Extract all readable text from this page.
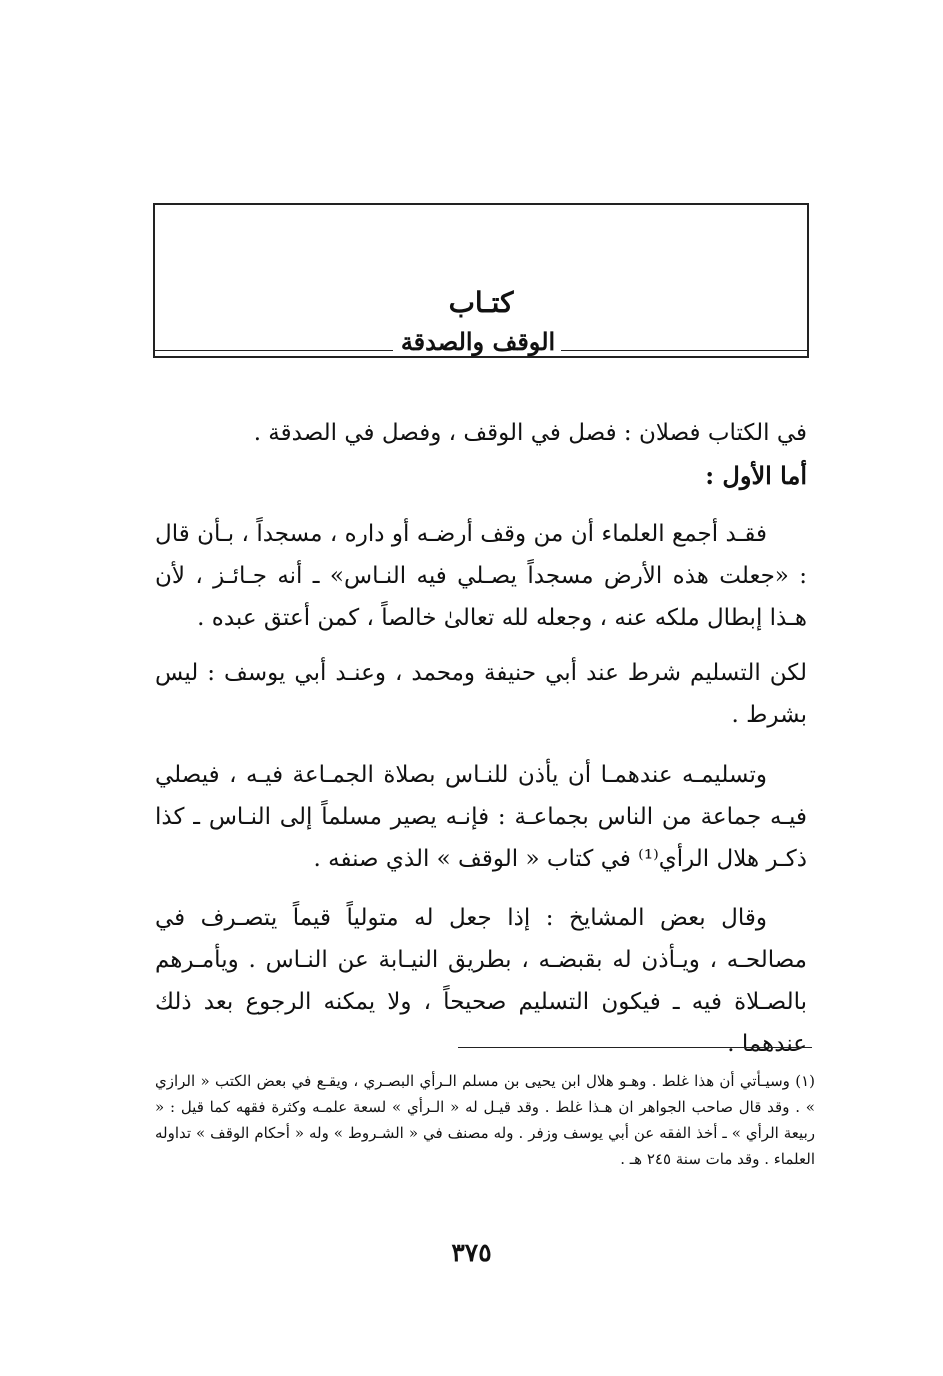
كتـاب
الوقف والصدقة

في الكتاب فصلان : فصل في الوقف ، وفصل في الصدقة .

أما الأول :

فقـد أجمع العلماء أن من وقف أرضـه أو داره ، مسجداً ، بـأن قال : «جعلت هذه الأرض مسجداً يصـلي فيه النـاس» ـ أنه جـائـز ، لأن هـذا إبطال ملكه عنه ، وجعله لله تعالىٰ خالصاً ، كمن أعتق عبده .

لكن التسليم شرط عند أبي حنيفة ومحمد ، وعنـد أبي يوسف : ليس بشرط .

وتسليمـه عندهمـا أن يأذن للنـاس بصلاة الجمـاعة فيـه ، فيصلي فيـه جماعة من الناس بجماعـة : فإنـه يصير مسلماً إلى النـاس ـ كذا ذكـر هلال الرأي⁽¹⁾ في كتاب « الوقف » الذي صنفه .

وقال بعض المشايخ : إذا جعل له متولياً قيماً يتصـرف في مصالحـه ، ويـأذن له بقبضـه ، بطريق النيـابة عن النـاس . ويأمـرهم بالصـلاة فيه ـ فيكون التسليم صحيحاً ، ولا يمكنه الرجوع بعد ذلك عندهما .

(١) وسيـأتي أن هذا غلط . وهـو هلال ابن يحيى بن مسلم الـرأي البصـري ، ويقـع في بعض الكتب « الرازي » . وقد قال صاحب الجواهر ان هـذا غلط . وقد قيـل له « الـرأي » لسعة علمـه وكثرة فقهه كما قيل : « ربيعة الرأي » ـ أخذ الفقه عن أبي يوسف وزفر . وله مصنف في « الشـروط » وله « أحكام الوقف » تداوله العلماء . وقد مات سنة ٢٤٥ هـ .

٣٧٥
